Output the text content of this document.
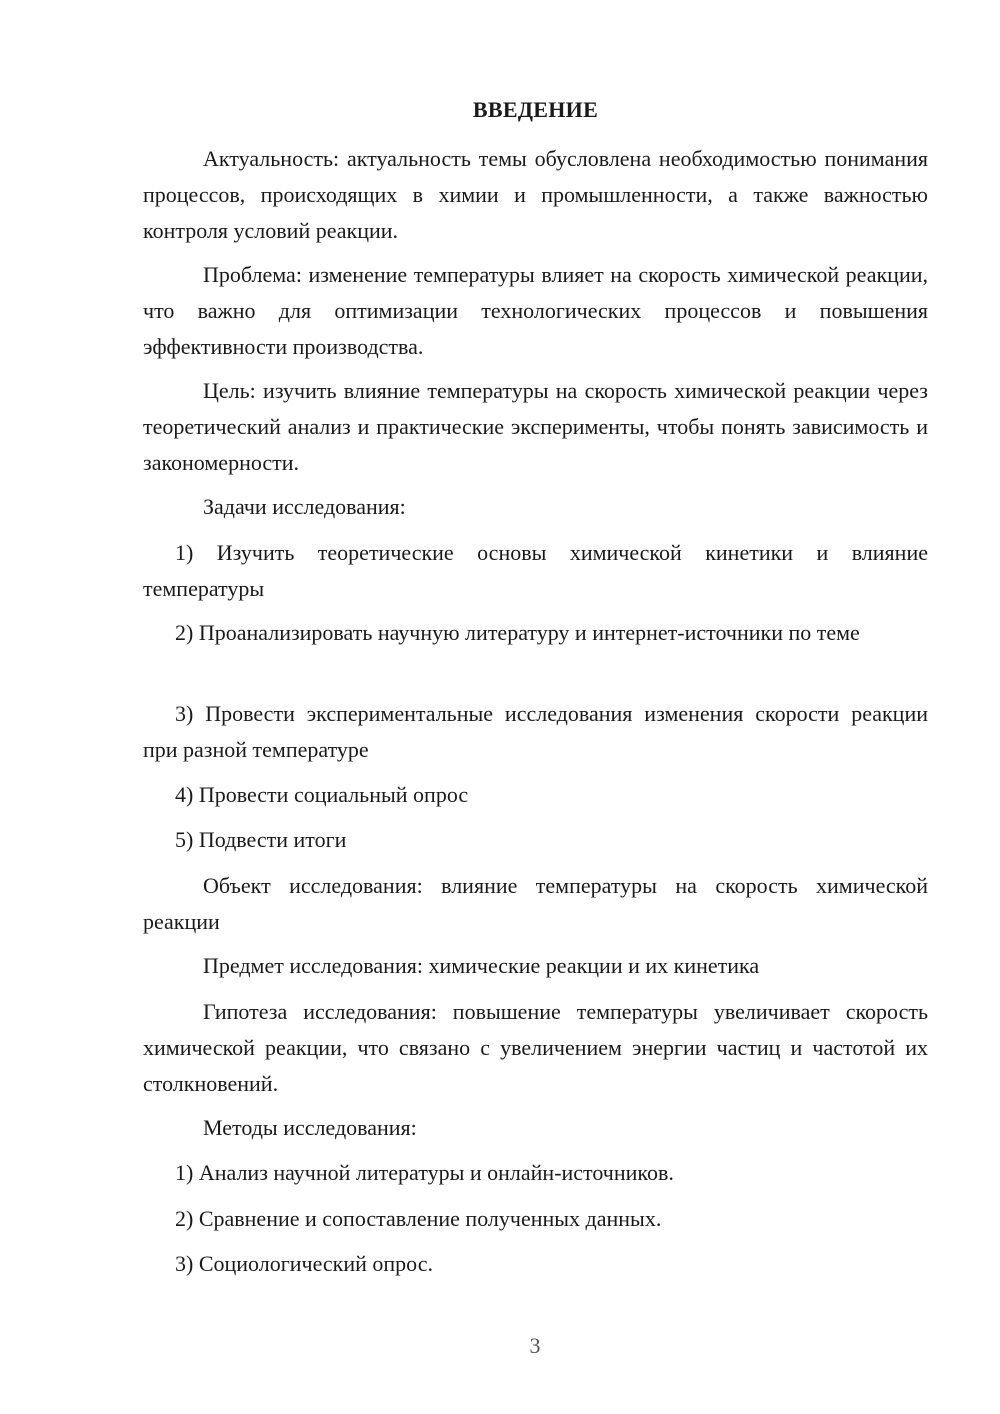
ВВЕДЕНИЕ

Актуальность: актуальность темы обусловлена необходимостью понимания процессов, происходящих в химии и промышленности, а также важностью контроля условий реакции.

Проблема: изменение температуры влияет на скорость химической реакции, что важно для оптимизации технологических процессов и повышения эффективности производства.

Цель: изучить влияние температуры на скорость химической реакции через теоретический анализ и практические эксперименты, чтобы понять зависимость и закономерности.

Задачи исследования:

1) Изучить теоретические основы химической кинетики и влияние температуры

2) Проанализировать научную литературу и интернет-источники по теме

3) Провести экспериментальные исследования изменения скорости реакции при разной температуре

4) Провести социальный опрос

5) Подвести итоги

Объект исследования: влияние температуры на скорость химической реакции

Предмет исследования: химические реакции и их кинетика

Гипотеза исследования: повышение температуры увеличивает скорость химической реакции, что связано с увеличением энергии частиц и частотой их столкновений.

Методы исследования:

1) Анализ научной литературы и онлайн-источников.

2) Сравнение и сопоставление полученных данных.

3) Социологический опрос.

3
